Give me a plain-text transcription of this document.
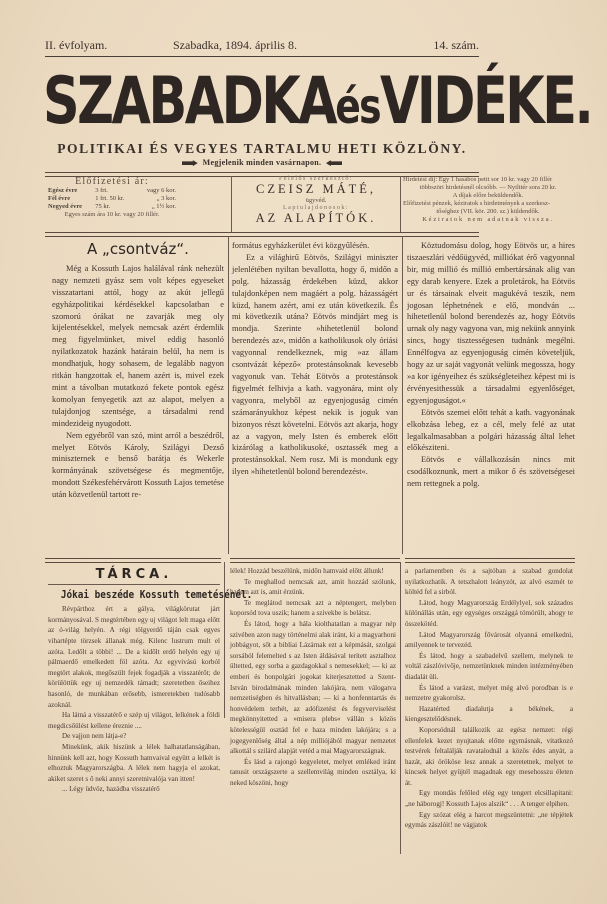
II. évfolyam.	Szabadka, 1894. április 8.	14. szám.
SZABADKAésVIDÉKE.
POLITIKAI ÉS VEGYES TARTALMU HETI KÖZLÖNY.
Megjelenik minden vasárnapon.
Előfizetési ár:
Egész évre	3 frt.	vagy 6 kor.
Fél évre	1 frt. 50 kr.	„ 3 kor.
Negyed évre	75 kr.	„ 1½ kor.
Egyes szám ára 10 kr. vagy 20 fillér.
Felelős szerkesztő:
CZEISZ MÁTÉ,
ügyvéd.
Laptulajdonosok:
AZ ALAPÍTÓK.
Hirdetési díj: Egy 1 hasábos petit sor 10 kr. vagy 20 fillér
többszöri hirdetésnél olcsóbb. — Nyilttér sora 20 kr.
A díjak előre beküldendők.
Előfizetési pénzek, kéziratok s hirdetmények a szerkesz-
tőséghez (VII. kör. 200. sz.) küldendők.
Kéziratok nem adatnak vissza.
A „csontváz“.

Még a Kossuth Lajos halálával ránk nehezült nagy nemzeti gyász sem volt képes egyeseket visszatartani attól, hogy az akút jellegű egyházpolitikai kérdésekkel kapcsolatban e szomorú órákat ne zavarják meg oly kijelentésekkel, melyek nemcsak azért érdemlik meg figyelmünket, mivel eddig hasonló nyilatkozatok hazánk határain belül, ha nem is mondhatjuk, hogy sohasem, de legalább nagyon ritkán hangzottak el, hanem azért is, mivel ezek mint a távolban mutatkozó fekete pontok egész komolyan fenyegetik azt az alapot, melyen a tulajdonjog szentsége, a társadalmi rend mindezideig nyugodott.

Nem egyébről van szó, mint arról a beszédről, melyet Eötvös Károly, Szilágyi Dezső miniszternek e benső barátja és Wekerle kormányának szövetségese és megmentője, mondott Székesfehérvárott Kossuth Lajos temetése után közvetlenül tartott re-

formátus egyházkerület évi közgyűlésén.

Ez a világhirű Eötvös, Szilágyi miniszter jelenlétében nyiltan bevallotta, hogy ő, midőn a polg. házasság érdekében küzd, akkor tulajdonképen nem magáért a polg. házasságért küzd, hanem azért, ami ez után következik. És mi következik utána? Eötvös mindjárt meg is mondja. Szerinte »hihetetlenül bolond berendezés az«, midőn a katholikusok oly óriási vagyonnal rendelkeznek, mig »az állam csontvázát képező« protestánsoknak kevesebb vagyonuk van. Tehát Eötvös a protestánsok figyelmét felhivja a kath. vagyonára, mint oly vagyonra, melyből az egyenjoguság cimén számarányukhoz képest nekik is joguk van bizonyos részt követelni. Eötvös azt akarja, hogy az a vagyon, mely Isten és emberek előtt kizárólag a katholikusoké, osztassék meg a protestánsokkal. Nem rosz. Mi is mondunk egy ilyen »hihetetlenül bolond berendezést«.

Köztudomásu dolog, hogy Eötvös ur, a hires tiszaeszlári védőügyvéd, milliókat érő vagyonnal bir, mig millió és millió embertársának alig van egy darab kenyere. Ezek a proletárok, ha Eötvös ur és társainak elveit magukévá teszik, nem jogosan léphetnének e elő, mondván ... hihetetlenül bolond berendezés az, hogy Eötvös urnak oly nagy vagyona van, mig nekünk annyink sincs, hogy tisztességesen tudnánk megélni. Ennélfogva az egyenjoguság cimén követeljük, hogy az ur saját vagyonát velünk megossza, hogy »a kor igényeihez és szükségleteihez képest mi is érvényesithessük a társadalmi egyenlőséget, egyenjoguságot.«

Eötvös szemei előtt tehát a kath. vagyonának elkobzása lebeg, ez a cél, mely felé az utat legalkalmasabban a polgári házasság által lehet előkésziteni.

Eötvös e vállalkozásán nincs mit csodálkoznunk, mert a mikor ő és szövetségesei nem rettegnek a polg.

TÁRCA.
Jókai beszéde Kossuth temetésénél.

Révpárthoz ért a gálya, világkörutat járt kormányosával. S megtértében egy uj világot lelt maga előtt az ó-világ helyén. A régi tölgyerdő táján csak egyes vihartépte törzsek állanak még. Kilenc lustrum mult el azóta. Ledőlt a többi! ... De a kidőlt erdő helyén egy uj pálmaerdő emelkedett föl azóta. Az egyvivású korból megtört alakok, megőszült fejek fogadják a visszatérőt; de körülöttük egy uj nemzedék támadt; szeretetben őseihez hasonló, de munkában erősebb, ismeretekben tudósabb azoknál.

Ha látná a visszatérő e szép uj világot, lelkének a földi megdicsőülést kellene éreznie ....

De vajjon nem látja-e?

Minekünk, akik hiszünk a lélek halhatatlanságában, hinnünk kell azt, hogy Kossuth hamvaival együtt a lelkét is elhoztuk Magyarországba. A lélek nem hagyja el azokat, akiket szeret s ő neki annyi szeretnivalója van itten!

... Légy üdvöz, hazádba visszatérő

lélek! Hozzád beszélünk, midőn hamvaid előtt állunk!

Te meghallod nemcsak azt, amit hozzád szólunk, hanem azt is, amit érzünk.

Te meglátod nemcsak azt a néptengert, melyben koporsód tova uszik; hanem a szivekbe is belátsz.

És látod, hogy a hála kiolthatatlan a magyar nép szivében azon nagy történelmi alak iránt, ki a magyarhoni jobbágyot, sőt a bibliai Lázárnak ezt a képmását, szolgai sorsából felemelted s az Isten áldásával terített asztalhoz ültetted, egy sorba a gazdagokkal s nemesekkel; — ki az emberi és honpolgári jogokat kiterjesztetted a Szent-István birodalmának minden lakójára, nem válogatva nemzetiségben és hitvallásban; — ki a honfenntartás és honvédelem terhét, az adófizetést és fegyverviselést megkönnyitetted a »misera plebs« vállán s közös kötelességül osztád fel e haza minden lakójára; s a jogegyenlőség által a nép milliójából magyar nemzetet alkottál s szilárd alapját vetéd a mai Magyarországnak.

És lásd a rajongó kegyeletet, melyet emléked iránt tanusit országszerte a szellemvilág minden osztálya, ki neked köszöni, hogy

a parlamentben és a sajtóban a szabad gondolat nyilatkozhatik. A tetszhalott leányzót, az alvó eszmét te költéd fel a sirból.

Látod, hogy Magyarország Erdélylyel, sok százados különállás után, egy egységes országgá tömörült, ahogy te összekötéd.

Látod Magyarország fővárosát olyanná emelkedni, amilyennek te tervezéd.

És látod, hogy a szabadelvű szellem, melynek te voltál zászlóvivője, nemzetünknek minden intézményében diadalát üli.

És látod a varázst, melyet még alvó porodban is e nemzetre gyakorolsz.

Hazatérted diadalutja a békének, a kiengesztelődésnek.

Koporsódnál találkozik az egész nemzet: régi ellenfelek kezet nyujtanak előtte egymásnak, vitatkozó testvérek feltalálják ravatalodnál a közös édes anyát, a hazát, aki örököse lesz annak a szeretetnek, melyet te kincsek helyet gyüjtél magadnak egy mesehosszu életen át.

Egy mondás felőled elég egy tengert elcsillapitani: „ne háborogj! Kossuth Lajos alszik“ . . . A tenger elpihen.

Egy szózat elég a harcot megszüntetni: „ne tépjétek egymás zászlóit! ne vágjatok
